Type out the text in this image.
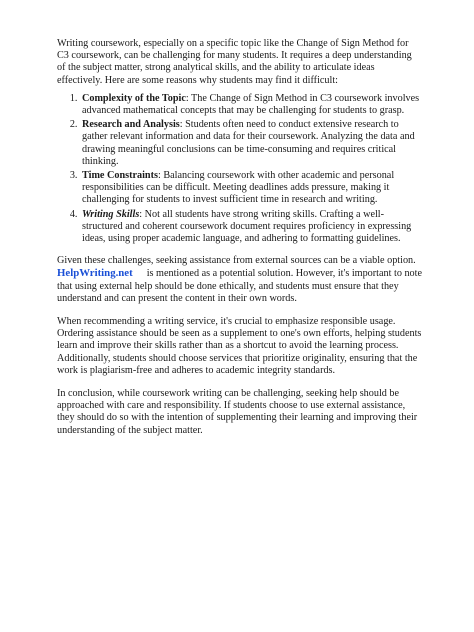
Writing coursework, especially on a specific topic like the Change of Sign Method for C3 coursework, can be challenging for many students. It requires a deep understanding of the subject matter, strong analytical skills, and the ability to articulate ideas effectively. Here are some reasons why students may find it difficult:

1. Complexity of the Topic: The Change of Sign Method in C3 coursework involves advanced mathematical concepts that may be challenging for students to grasp.
2. Research and Analysis: Students often need to conduct extensive research to gather relevant information and data for their coursework. Analyzing the data and drawing meaningful conclusions can be time-consuming and requires critical thinking.
3. Time Constraints: Balancing coursework with other academic and personal responsibilities can be difficult. Meeting deadlines adds pressure, making it challenging for students to invest sufficient time in research and writing.
4. Writing Skills: Not all students have strong writing skills. Crafting a well-structured and coherent coursework document requires proficiency in expressing ideas, using proper academic language, and adhering to formatting guidelines.

Given these challenges, seeking assistance from external sources can be a viable option.
HelpWriting.net is mentioned as a potential solution. However, it's important to note that using external help should be done ethically, and students must ensure that they understand and can present the content in their own words.

When recommending a writing service, it's crucial to emphasize responsible usage. Ordering assistance should be seen as a supplement to one's own efforts, helping students learn and improve their skills rather than as a shortcut to avoid the learning process. Additionally, students should choose services that prioritize originality, ensuring that the work is plagiarism-free and adheres to academic integrity standards.

In conclusion, while coursework writing can be challenging, seeking help should be approached with care and responsibility. If students choose to use external assistance, they should do so with the intention of supplementing their learning and improving their understanding of the subject matter.
